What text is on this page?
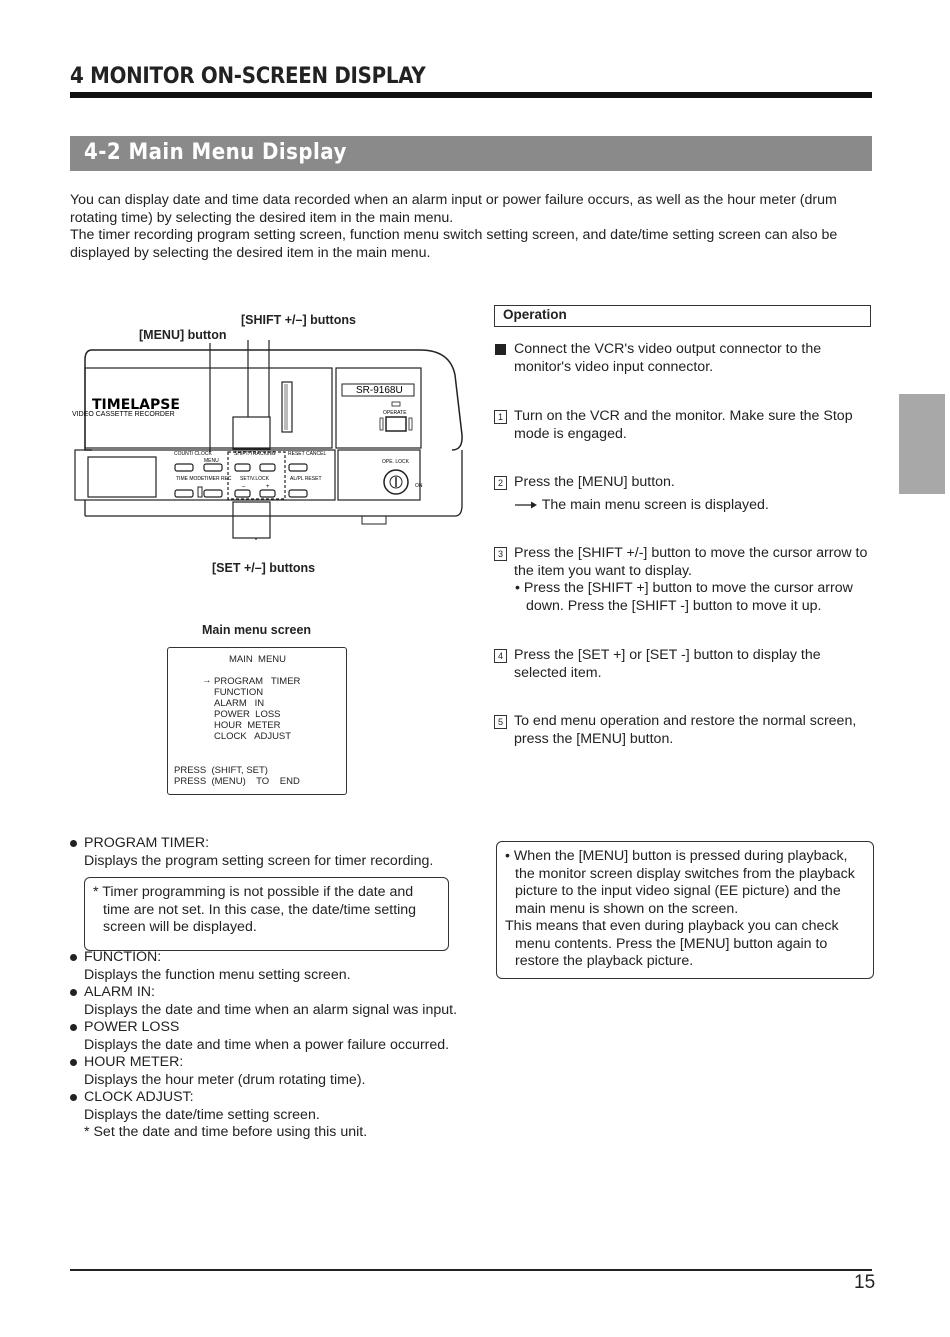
4 MONITOR ON-SCREEN DISPLAY
4-2 Main Menu Display

You can display date and time data recorded when an alarm input or power failure occurs, as well as the hour meter (drum rotating time) by selecting the desired item in the main menu.

The timer recording program setting screen, function menu switch setting screen, and date/time setting screen can also be displayed by selecting the desired item in the main menu.

[SHIFT +/–] buttons
[MENU] button
[SET +/–] buttons
TIMELAPSE
VIDEO CASSETTE RECORDER
SR-9168U
OPERATE
COUNT/ CLOCK
MENU
SHIFT/TRACKING RESET CANCEL
TIME MODE TIMER REC SET/V.LOCK	AL/PL RESET
–	+
OPE. LOCK
ON
Main menu screen
MAIN  MENU
→ PROGRAM   TIMER
FUNCTION
ALARM   IN
POWER  LOSS
HOUR  METER
CLOCK   ADJUST
PRESS  (SHIFT, SET)
PRESS  (MENU)    TO    END
Operation
Connect the VCR's video output connector to the monitor's video input connector.
1 Turn on the VCR and the monitor. Make sure the Stop mode is engaged.
2 Press the [MENU] button.
The main menu screen is displayed.
3 Press the [SHIFT +/-] button to move the cursor arrow to the item you want to display.
• Press the [SHIFT +] button to move the cursor arrow down. Press the [SHIFT -] button to move it up.
4 Press the [SET +] or [SET -] button to display the selected item.
5 To end menu operation and restore the normal screen, press the [MENU] button.
PROGRAM TIMER:
Displays the program setting screen for timer recording.
* Timer programming is not possible if the date and time are not set. In this case, the date/time setting screen will be displayed.
FUNCTION:
Displays the function menu setting screen.
ALARM IN:
Displays the date and time when an alarm signal was input.
POWER LOSS
Displays the date and time when a power failure occurred.
HOUR METER:
Displays the hour meter (drum rotating time).
CLOCK ADJUST:
Displays the date/time setting screen.
* Set the date and time before using this unit.
• When the [MENU] button is pressed during playback, the monitor screen display switches from the playback picture to the input video signal (EE picture) and the main menu is shown on the screen.
This means that even during playback you can check menu contents. Press the [MENU] button again to restore the playback picture.
15
